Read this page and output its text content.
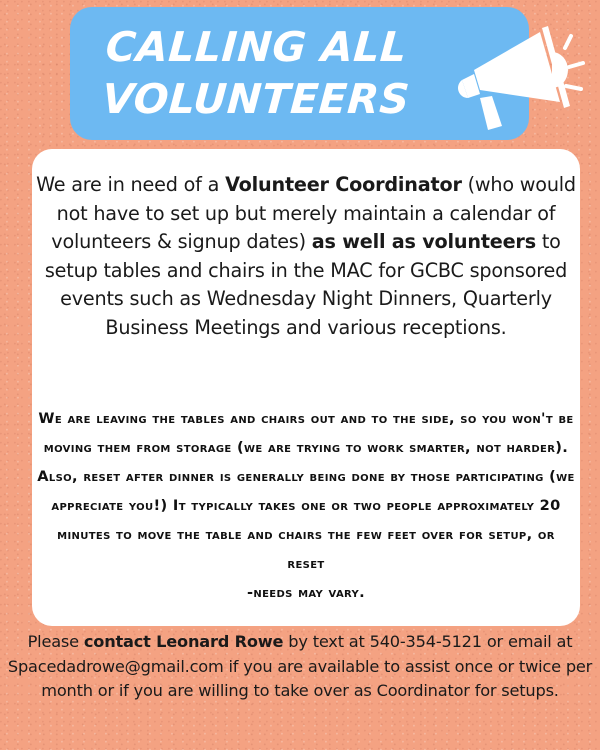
CALLING ALL
VOLUNTEERS

We are in need of a Volunteer Coordinator (who would not have to set up but merely maintain a calendar of volunteers & signup dates) as well as volunteers to setup tables and chairs in the MAC for GCBC sponsored events such as Wednesday Night Dinners, Quarterly Business Meetings and various receptions.

We are leaving the tables and chairs out and to the side, so you won't be moving them from storage (we are trying to work smarter, not harder). Also, reset after dinner is generally being done by those participating (we appreciate you!) It typically takes one or two people approximately 20 minutes to move the table and chairs the few feet over for setup, or reset
-needs may vary.

Please contact Leonard Rowe by text at 540-354-5121 or email at Spacedadrowe@gmail.com if you are available to assist once or twice per month or if you are willing to take over as Coordinator for setups.
